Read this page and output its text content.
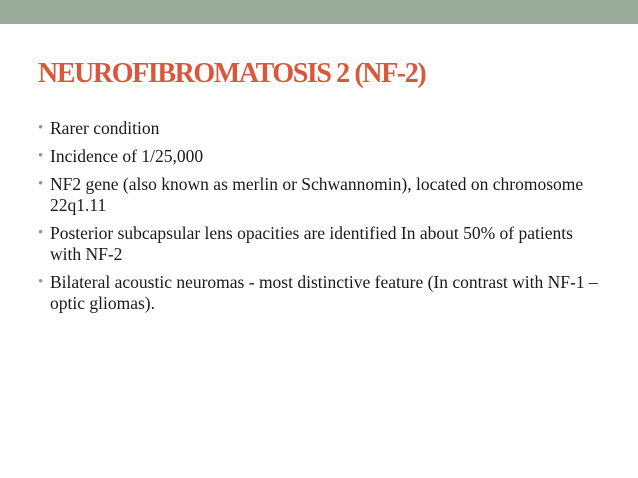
NEUROFIBROMATOSIS 2 (NF-2)
• Rarer condition
• Incidence of 1/25,000
• NF2 gene (also known as merlin or Schwannomin), located on chromosome 22q1.11
• Posterior subcapsular lens opacities are identified In about 50% of patients with NF-2
• Bilateral acoustic neuromas - most distinctive feature (In contrast with NF-1 – optic gliomas).
